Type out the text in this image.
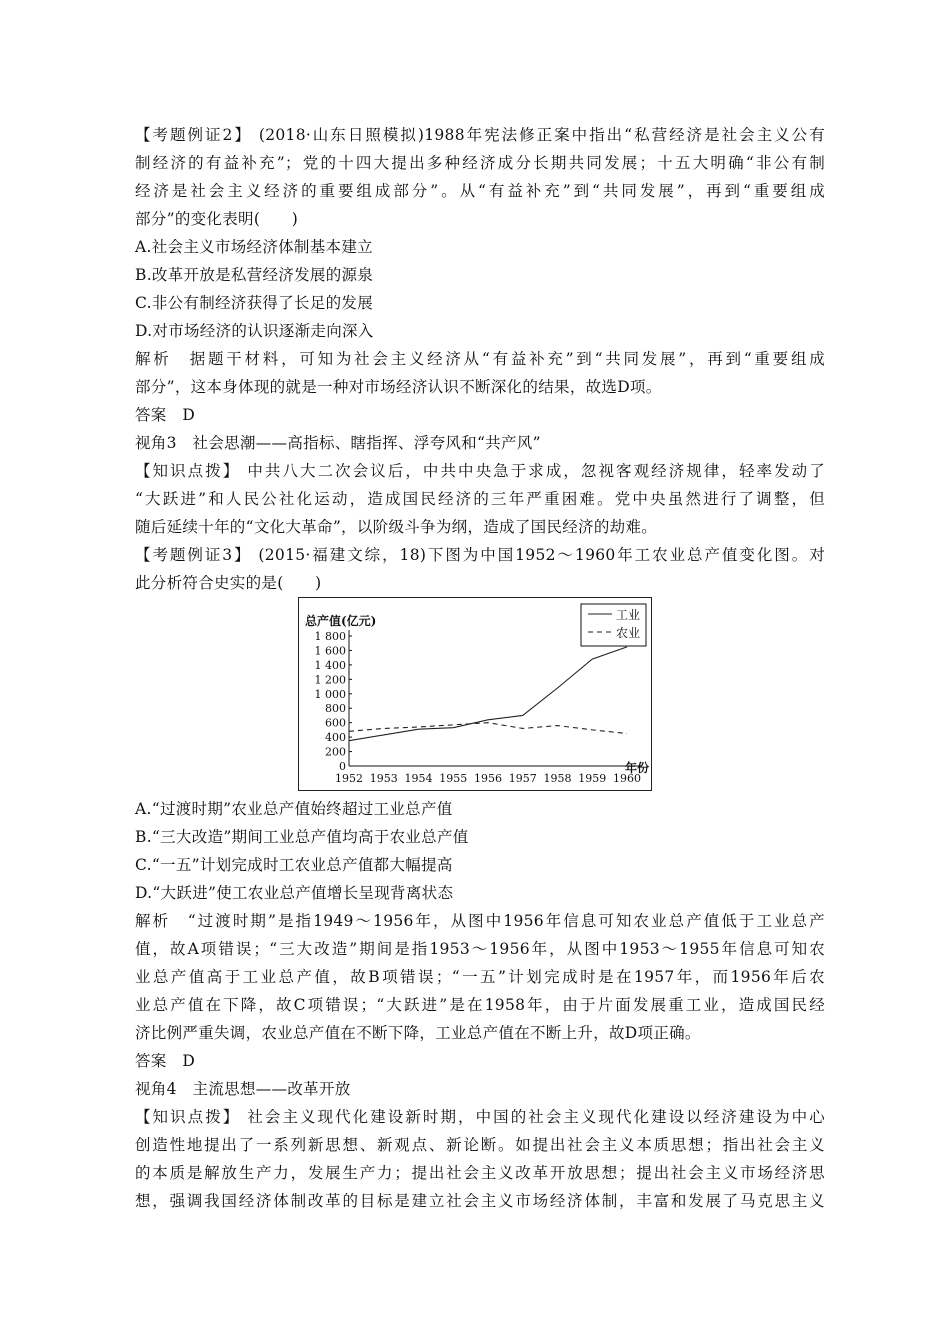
【考题例证2】 (2018·山东日照模拟)1988年宪法修正案中指出“私营经济是社会主义公有
制经济的有益补充”；党的十四大提出多种经济成分长期共同发展；十五大明确“非公有制
经济是社会主义经济的重要组成部分”。从“有益补充”到“共同发展”，再到“重要组成
部分”的变化表明(　　)
A.社会主义市场经济体制基本建立
B.改革开放是私营经济发展的源泉
C.非公有制经济获得了长足的发展
D.对市场经济的认识逐渐走向深入
解析　据题干材料，可知为社会主义经济从“有益补充”到“共同发展”，再到“重要组成
部分”，这本身体现的就是一种对市场经济认识不断深化的结果，故选D项。
答案　D
视角3　社会思潮——高指标、瞎指挥、浮夸风和“共产风”
【知识点拨】 中共八大二次会议后，中共中央急于求成，忽视客观经济规律，轻率发动了
“大跃进”和人民公社化运动，造成国民经济的三年严重困难。党中央虽然进行了调整，但
随后延续十年的“文化大革命”，以阶级斗争为纲，造成了国民经济的劫难。
【考题例证3】 (2015·福建文综，18)下图为中国1952～1960年工农业总产值变化图。对
此分析符合史实的是(　　)
0
200
400
600
800
1 000
1 200
1 400
1 600
1 800
总产值(亿元)
1952 1953 1954 1955 1956 1957 1958 1959 1960
年份
工业
农业
A.“过渡时期”农业总产值始终超过工业总产值
B.“三大改造”期间工业总产值均高于农业总产值
C.“一五”计划完成时工农业总产值都大幅提高
D.“大跃进”使工农业总产值增长呈现背离状态
解析　“过渡时期”是指1949～1956年，从图中1956年信息可知农业总产值低于工业总产
值，故A项错误；“三大改造”期间是指1953～1956年，从图中1953～1955年信息可知农
业总产值高于工业总产值，故B项错误；“一五”计划完成时是在1957年，而1956年后农
业总产值在下降，故C项错误；“大跃进”是在1958年，由于片面发展重工业，造成国民经
济比例严重失调，农业总产值在不断下降，工业总产值在不断上升，故D项正确。
答案　D
视角4　主流思想——改革开放
【知识点拨】 社会主义现代化建设新时期，中国的社会主义现代化建设以经济建设为中心
创造性地提出了一系列新思想、新观点、新论断。如提出社会主义本质思想；指出社会主义
的本质是解放生产力，发展生产力；提出社会主义改革开放思想；提出社会主义市场经济思
想，强调我国经济体制改革的目标是建立社会主义市场经济体制，丰富和发展了马克思主义
